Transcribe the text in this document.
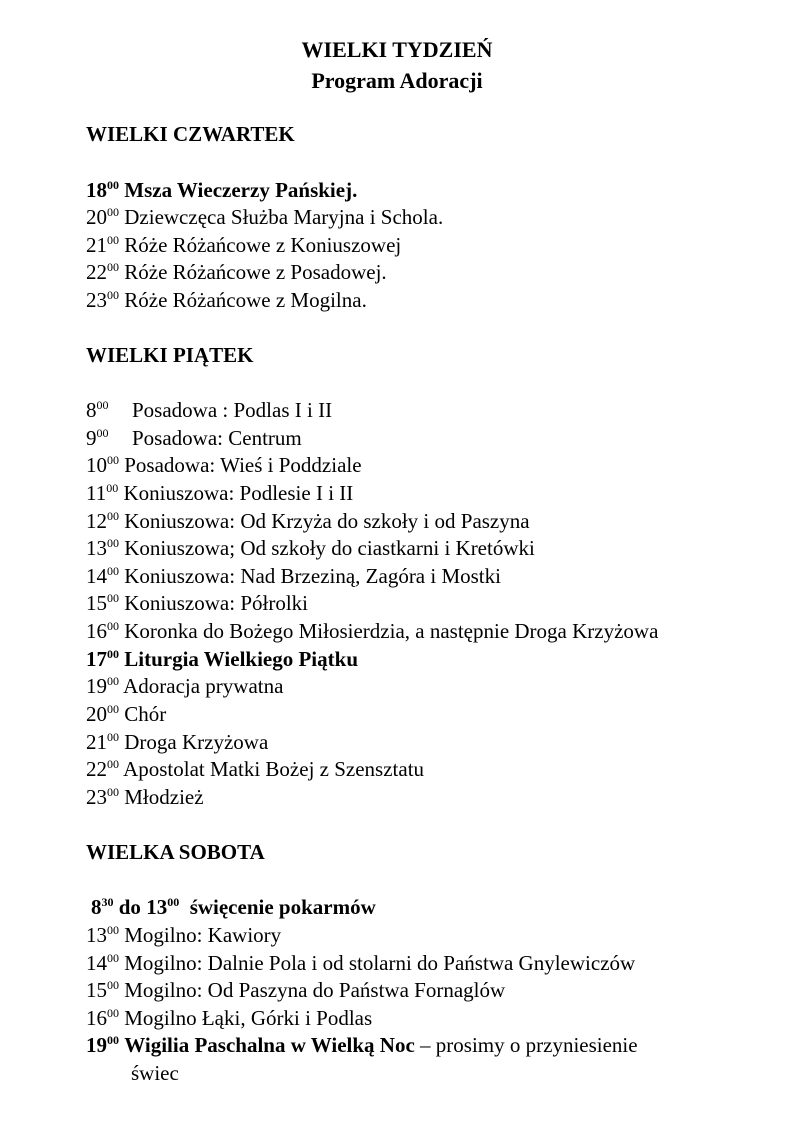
WIELKI TYDZIEŃ
Program Adoracji
WIELKI CZWARTEK
$18^{00}$ Msza Wieczerzy Pańskiej.
$20^{00}$ Dziewczęca Służba Maryjna i Schola.
$21^{00}$ Róże Różańcowe z Koniuszowej
$22^{00}$ Róże Różańcowe z Posadowej.
$23^{00}$ Róże Różańcowe z Mogilna.
WIELKI PIĄTEK
$8^{00}$ Posadowa : Podlas I i II
$9^{00}$ Posadowa: Centrum
$10^{00}$ Posadowa: Wieś i Poddziale
$11^{00}$ Koniuszowa: Podlesie I i II
$12^{00}$ Koniuszowa: Od Krzyża do szkoły i od Paszyna
$13^{00}$ Koniuszowa; Od szkoły do ciastkarni i Kretówki
$14^{00}$ Koniuszowa: Nad Brzeziną, Zagóra i Mostki
$15^{00}$ Koniuszowa: Półrolki
$16^{00}$ Koronka do Bożego Miłosierdzia, a następnie Droga Krzyżowa
$17^{00}$ Liturgia Wielkiego Piątku
$19^{00}$ Adoracja prywatna
$20^{00}$ Chór
$21^{00}$ Droga Krzyżowa
$22^{00}$ Apostolat Matki Bożej z Szensztatu
$23^{00}$ Młodzież
WIELKA SOBOTA
$8^{30}$ do $13^{00}$ święcenie pokarmów
$13^{00}$ Mogilno: Kawiory
$14^{00}$ Mogilno: Dalnie Pola i od stolarni do Państwa Gnylewiczów
$15^{00}$ Mogilno: Od Paszyna do Państwa Fornaglów
$16^{00}$ Mogilno Łąki, Górki i Podlas
$19^{00}$ Wigilia Paschalna w Wielką Noc – prosimy o przyniesienie
świec
